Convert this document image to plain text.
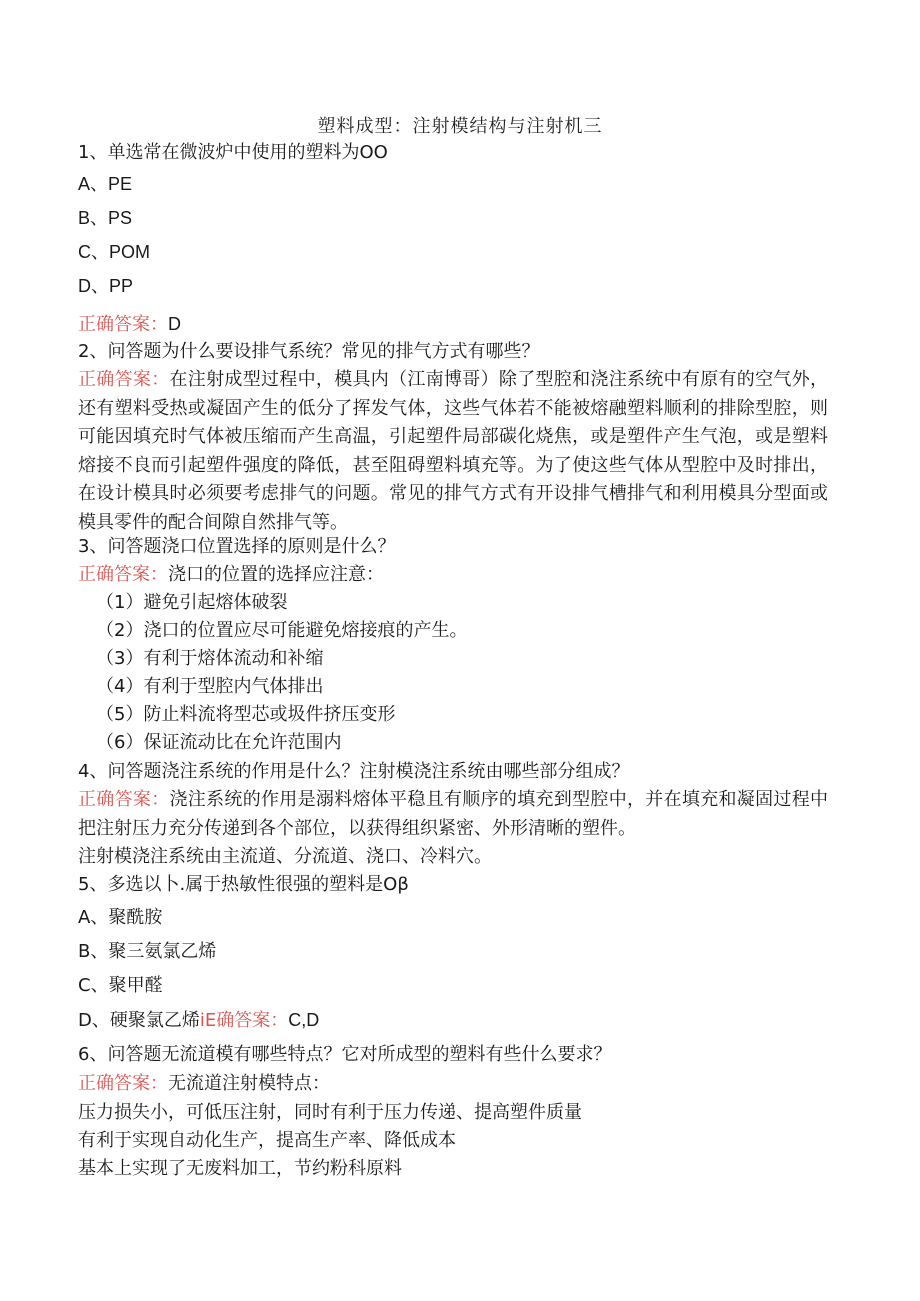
塑料成型：注射模结构与注射机三
1、单选常在微波炉中使用的塑料为OO
A、PE
B、PS
C、POM
D、PP
正确答案：D
2、问答题为什么要设排气系统？常见的排气方式有哪些？
正确答案：在注射成型过程中，模具内（江南博哥）除了型腔和浇注系统中有原有的空气外，还有塑料受热或凝固产生的低分了挥发气体，这些气体若不能被熔融塑料顺利的排除型腔，则可能因填充时气体被压缩而产生高温，引起塑件局部碳化烧焦，或是塑件产生气泡，或是塑料熔接不良而引起塑件强度的降低，甚至阻碍塑料填充等。为了使这些气体从型腔中及时排出，在设计模具时必须要考虑排气的问题。常见的排气方式有开设排气槽排气和利用模具分型面或模具零件的配合间隙自然排气等。
3、问答题浇口位置选择的原则是什么？
正确答案：浇口的位置的选择应注意：
（1）避免引起熔体破裂
（2）浇口的位置应尽可能避免熔接痕的产生。
（3）有利于熔体流动和补缩
（4）有利于型腔内气体排出
（5）防止料流将型芯或圾件挤压变形
（6）保证流动比在允许范围内
4、问答题浇注系统的作用是什么？注射模浇注系统由哪些部分组成？
正确答案：浇注系统的作用是溺料熔体平稳且有顺序的填充到型腔中，并在填充和凝固过程中把注射压力充分传递到各个部位，以获得组织紧密、外形清晰的塑件。
注射模浇注系统由主流道、分流道、浇口、冷料穴。
5、多选以卜.属于热敏性很强的塑料是Oβ
A、聚酰胺
B、聚三氨氯乙烯
C、聚甲醛
D、硬聚氯乙烯iE确答案：C,D
6、问答题无流道模有哪些特点？它对所成型的塑料有些什么要求？
正确答案：无流道注射模特点：
压力损失小，可低压注射，同时有利于压力传递、提高塑件质量
有利于实现自动化生产，提高生产率、降低成本
基本上实现了无废料加工，节约粉科原料
